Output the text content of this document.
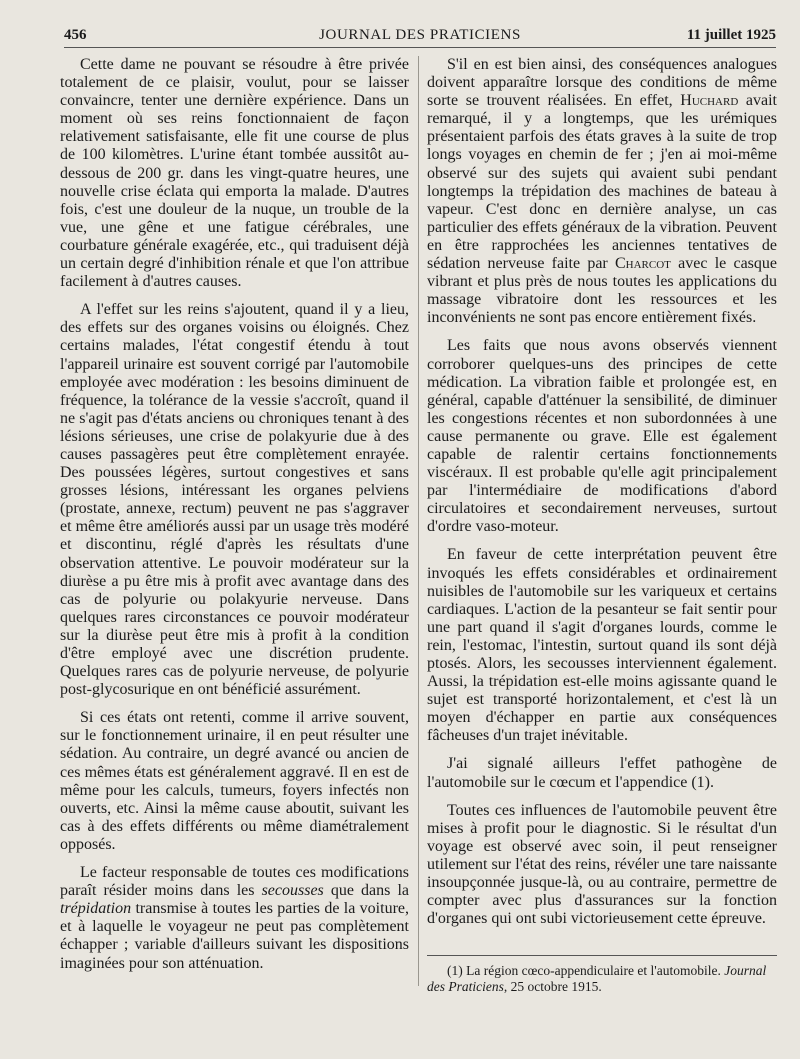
456	JOURNAL DES PRATICIENS	11 juillet 1925

Cette dame ne pouvant se résoudre à être privée totalement de ce plaisir, voulut, pour se laisser convaincre, tenter une dernière expérience. Dans un moment où ses reins fonctionnaient de façon relativement satisfaisante, elle fit une course de plus de 100 kilomètres. L'urine étant tombée aussitôt au-dessous de 200 gr. dans les vingt-quatre heures, une nouvelle crise éclata qui emporta la malade. D'autres fois, c'est une douleur de la nuque, un trouble de la vue, une gêne et une fatigue cérébrales, une courbature générale exagérée, etc., qui traduisent déjà un certain degré d'inhibition rénale et que l'on attribue facilement à d'autres causes.

A l'effet sur les reins s'ajoutent, quand il y a lieu, des effets sur des organes voisins ou éloignés. Chez certains malades, l'état congestif étendu à tout l'appareil urinaire est souvent corrigé par l'automobile employée avec modération : les besoins diminuent de fréquence, la tolérance de la vessie s'accroît, quand il ne s'agit pas d'états anciens ou chroniques tenant à des lésions sérieuses, une crise de polakyurie due à des causes passagères peut être complètement enrayée. Des poussées légères, surtout congestives et sans grosses lésions, intéressant les organes pelviens (prostate, annexe, rectum) peuvent ne pas s'aggraver et même être améliorés aussi par un usage très modéré et discontinu, réglé d'après les résultats d'une observation attentive. Le pouvoir modérateur sur la diurèse a pu être mis à profit avec avantage dans des cas de polyurie ou polakyurie nerveuse. Dans quelques rares circonstances ce pouvoir modérateur sur la diurèse peut être mis à profit à la condition d'être employé avec une discrétion prudente. Quelques rares cas de polyurie nerveuse, de polyurie post-glycosurique en ont bénéficié assurément.

Si ces états ont retenti, comme il arrive souvent, sur le fonctionnement urinaire, il en peut résulter une sédation. Au contraire, un degré avancé ou ancien de ces mêmes états est généralement aggravé. Il en est de même pour les calculs, tumeurs, foyers infectés non ouverts, etc. Ainsi la même cause aboutit, suivant les cas à des effets différents ou même diamétralement opposés.

Le facteur responsable de toutes ces modifications paraît résider moins dans les secousses que dans la trépidation transmise à toutes les parties de la voiture, et à laquelle le voyageur ne peut pas complètement échapper ; variable d'ailleurs suivant les dispositions imaginées pour son atténuation.

S'il en est bien ainsi, des conséquences analogues doivent apparaître lorsque des conditions de même sorte se trouvent réalisées. En effet, Huchard avait remarqué, il y a longtemps, que les urémiques présentaient parfois des états graves à la suite de trop longs voyages en chemin de fer ; j'en ai moi-même observé sur des sujets qui avaient subi pendant longtemps la trépidation des machines de bateau à vapeur. C'est donc en dernière analyse, un cas particulier des effets généraux de la vibration. Peuvent en être rapprochées les anciennes tentatives de sédation nerveuse faite par Charcot avec le casque vibrant et plus près de nous toutes les applications du massage vibratoire dont les ressources et les inconvénients ne sont pas encore entièrement fixés.

Les faits que nous avons observés viennent corroborer quelques-uns des principes de cette médication. La vibration faible et prolongée est, en général, capable d'atténuer la sensibilité, de diminuer les congestions récentes et non subordonnées à une cause permanente ou grave. Elle est également capable de ralentir certains fonctionnements viscéraux. Il est probable qu'elle agit principalement par l'intermédiaire de modifications d'abord circulatoires et secondairement nerveuses, surtout d'ordre vaso-moteur.

En faveur de cette interprétation peuvent être invoqués les effets considérables et ordinairement nuisibles de l'automobile sur les variqueux et certains cardiaques. L'action de la pesanteur se fait sentir pour une part quand il s'agit d'organes lourds, comme le rein, l'estomac, l'intestin, surtout quand ils sont déjà ptosés. Alors, les secousses interviennent également. Aussi, la trépidation est-elle moins agissante quand le sujet est transporté horizontalement, et c'est là un moyen d'échapper en partie aux conséquences fâcheuses d'un trajet inévitable.

J'ai signalé ailleurs l'effet pathogène de l'automobile sur le cœcum et l'appendice (1).

Toutes ces influences de l'automobile peuvent être mises à profit pour le diagnostic. Si le résultat d'un voyage est observé avec soin, il peut renseigner utilement sur l'état des reins, révéler une tare naissante insoupçonnée jusque-là, ou au contraire, permettre de compter avec plus d'assurances sur la fonction d'organes qui ont subi victorieusement cette épreuve.

(1) La région cœco-appendiculaire et l'automobile. Journal des Praticiens, 25 octobre 1915.
